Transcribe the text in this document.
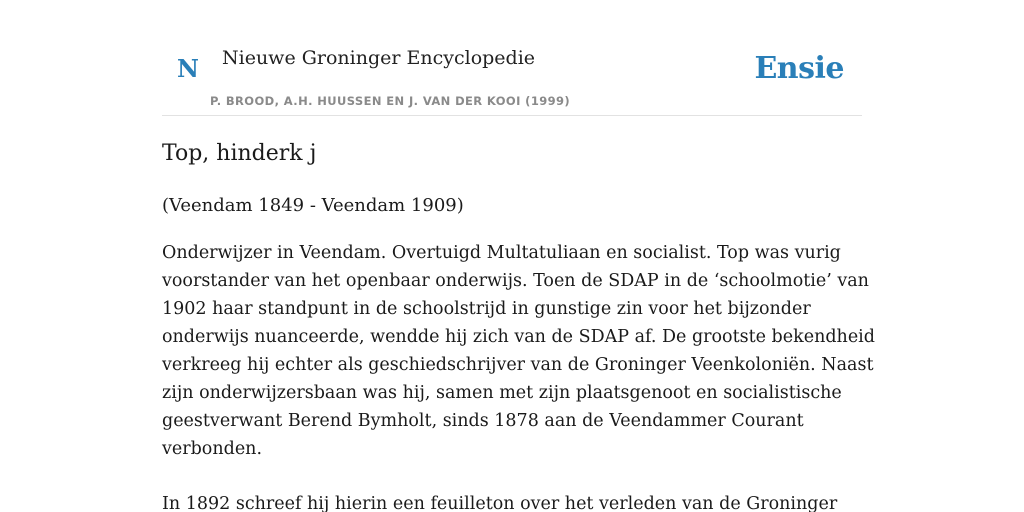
N Nieuwe Groninger Encyclopedie
P. BROOD, A.H. HUUSSEN EN J. VAN DER KOOI (1999)
Ensie
Top, hinderk j
(Veendam 1849 - Veendam 1909)

Onderwijzer in Veendam. Overtuigd Multatuliaan en socialist. Top was vurig
voorstander van het openbaar onderwijs. Toen de SDAP in de ‘schoolmotie’ van
1902 haar standpunt in de schoolstrijd in gunstige zin voor het bijzonder
onderwijs nuanceerde, wendde hij zich van de SDAP af. De grootste bekendheid
verkreeg hij echter als geschiedschrijver van de Groninger Veenkoloniën. Naast
zijn onderwijzersbaan was hij, samen met zijn plaatsgenoot en socialistische
geestverwant Berend Bymholt, sinds 1878 aan de Veendammer Courant
verbonden.

In 1892 schreef hij hierin een feuilleton over het verleden van de Groninger
